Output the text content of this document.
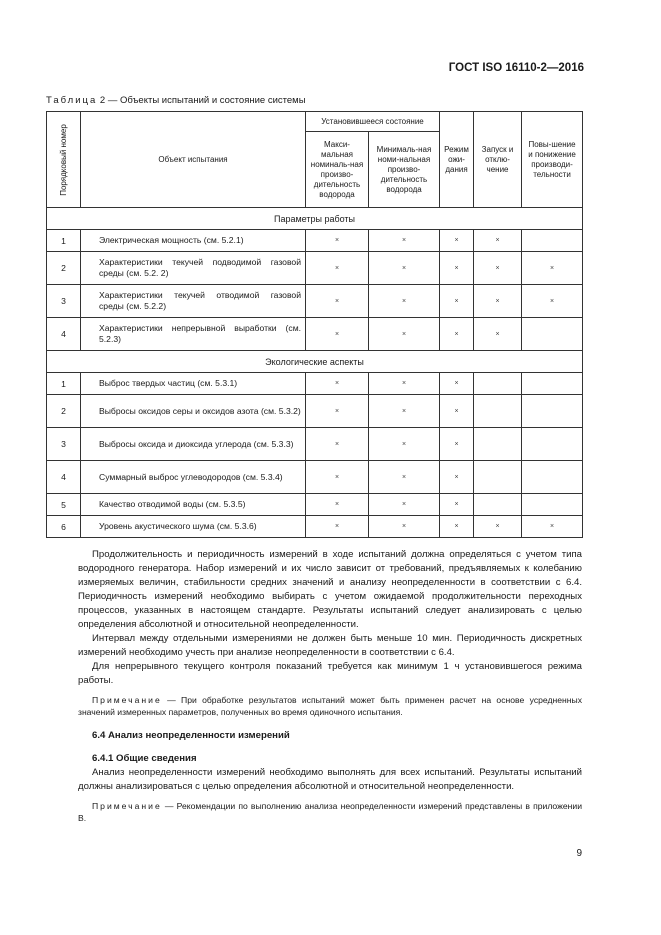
ГОСТ ISO 16110-2—2016
Таблица 2 — Объекты испытаний и состояние системы
Порядковый номер	Объект испытания	Установившееся состояние		Режим ожи-дания	Запуск и отклю-чение	Повы-шение и понижение производи-тельности
		Макси-мальная номиналь-ная произво-дительность водорода	Минималь-ная номи-нальная произво-дительность водорода			
Параметры работы						
1	Электрическая мощность (см. 5.2.1)	×	×	×	×	
2	Характеристики текучей подводимой газовой среды (см. 5.2. 2)	×	×	×	×	×
3	Характеристики текучей отводимой газовой среды (см. 5.2.2)	×	×	×	×	×
4	Характеристики непрерывной выработки (см. 5.2.3)	×	×	×	×	
Экологические аспекты						
1	Выброс твердых частиц (см. 5.3.1)	×	×	×		
2	Выбросы оксидов серы и оксидов азота (см. 5.3.2)	×	×	×		
3	Выбросы оксида и диоксида углерода (см. 5.3.3)	×	×	×		
4	Суммарный выброс углеводородов (см. 5.3.4)	×	×	×		
5	Качество отводимой воды (см. 5.3.5)	×	×	×		
6	Уровень акустического шума (см. 5.3.6)	×	×	×	×	×

Продолжительность и периодичность измерений в ходе испытаний должна определяться с учетом типа водородного генератора. Набор измерений и их число зависит от требований, предъявляемых к колебанию измеряемых величин, стабильности средних значений и анализу неопределенности в соответствии с 6.4. Периодичность измерений необходимо выбирать с учетом ожидаемой продолжительности переходных процессов, указанных в настоящем стандарте. Результаты испытаний следует анализировать с целью определения абсолютной и относительной неопределенности.

Интервал между отдельными измерениями не должен быть меньше 10 мин. Периодичность дискретных измерений необходимо учесть при анализе неопределенности в соответствии с 6.4.

Для непрерывного текущего контроля показаний требуется как минимум 1 ч установившегося режима работы.

Примечание — При обработке результатов испытаний может быть применен расчет на основе усредненных значений измеренных параметров, полученных во время одиночного испытания.

6.4 Анализ неопределенности измерений

6.4.1 Общие сведения

Анализ неопределенности измерений необходимо выполнять для всех испытаний. Результаты испытаний должны анализироваться с целью определения абсолютной и относительной неопределенности.

Примечание — Рекомендации по выполнению анализа неопределенности измерений представлены в приложении В.

9
